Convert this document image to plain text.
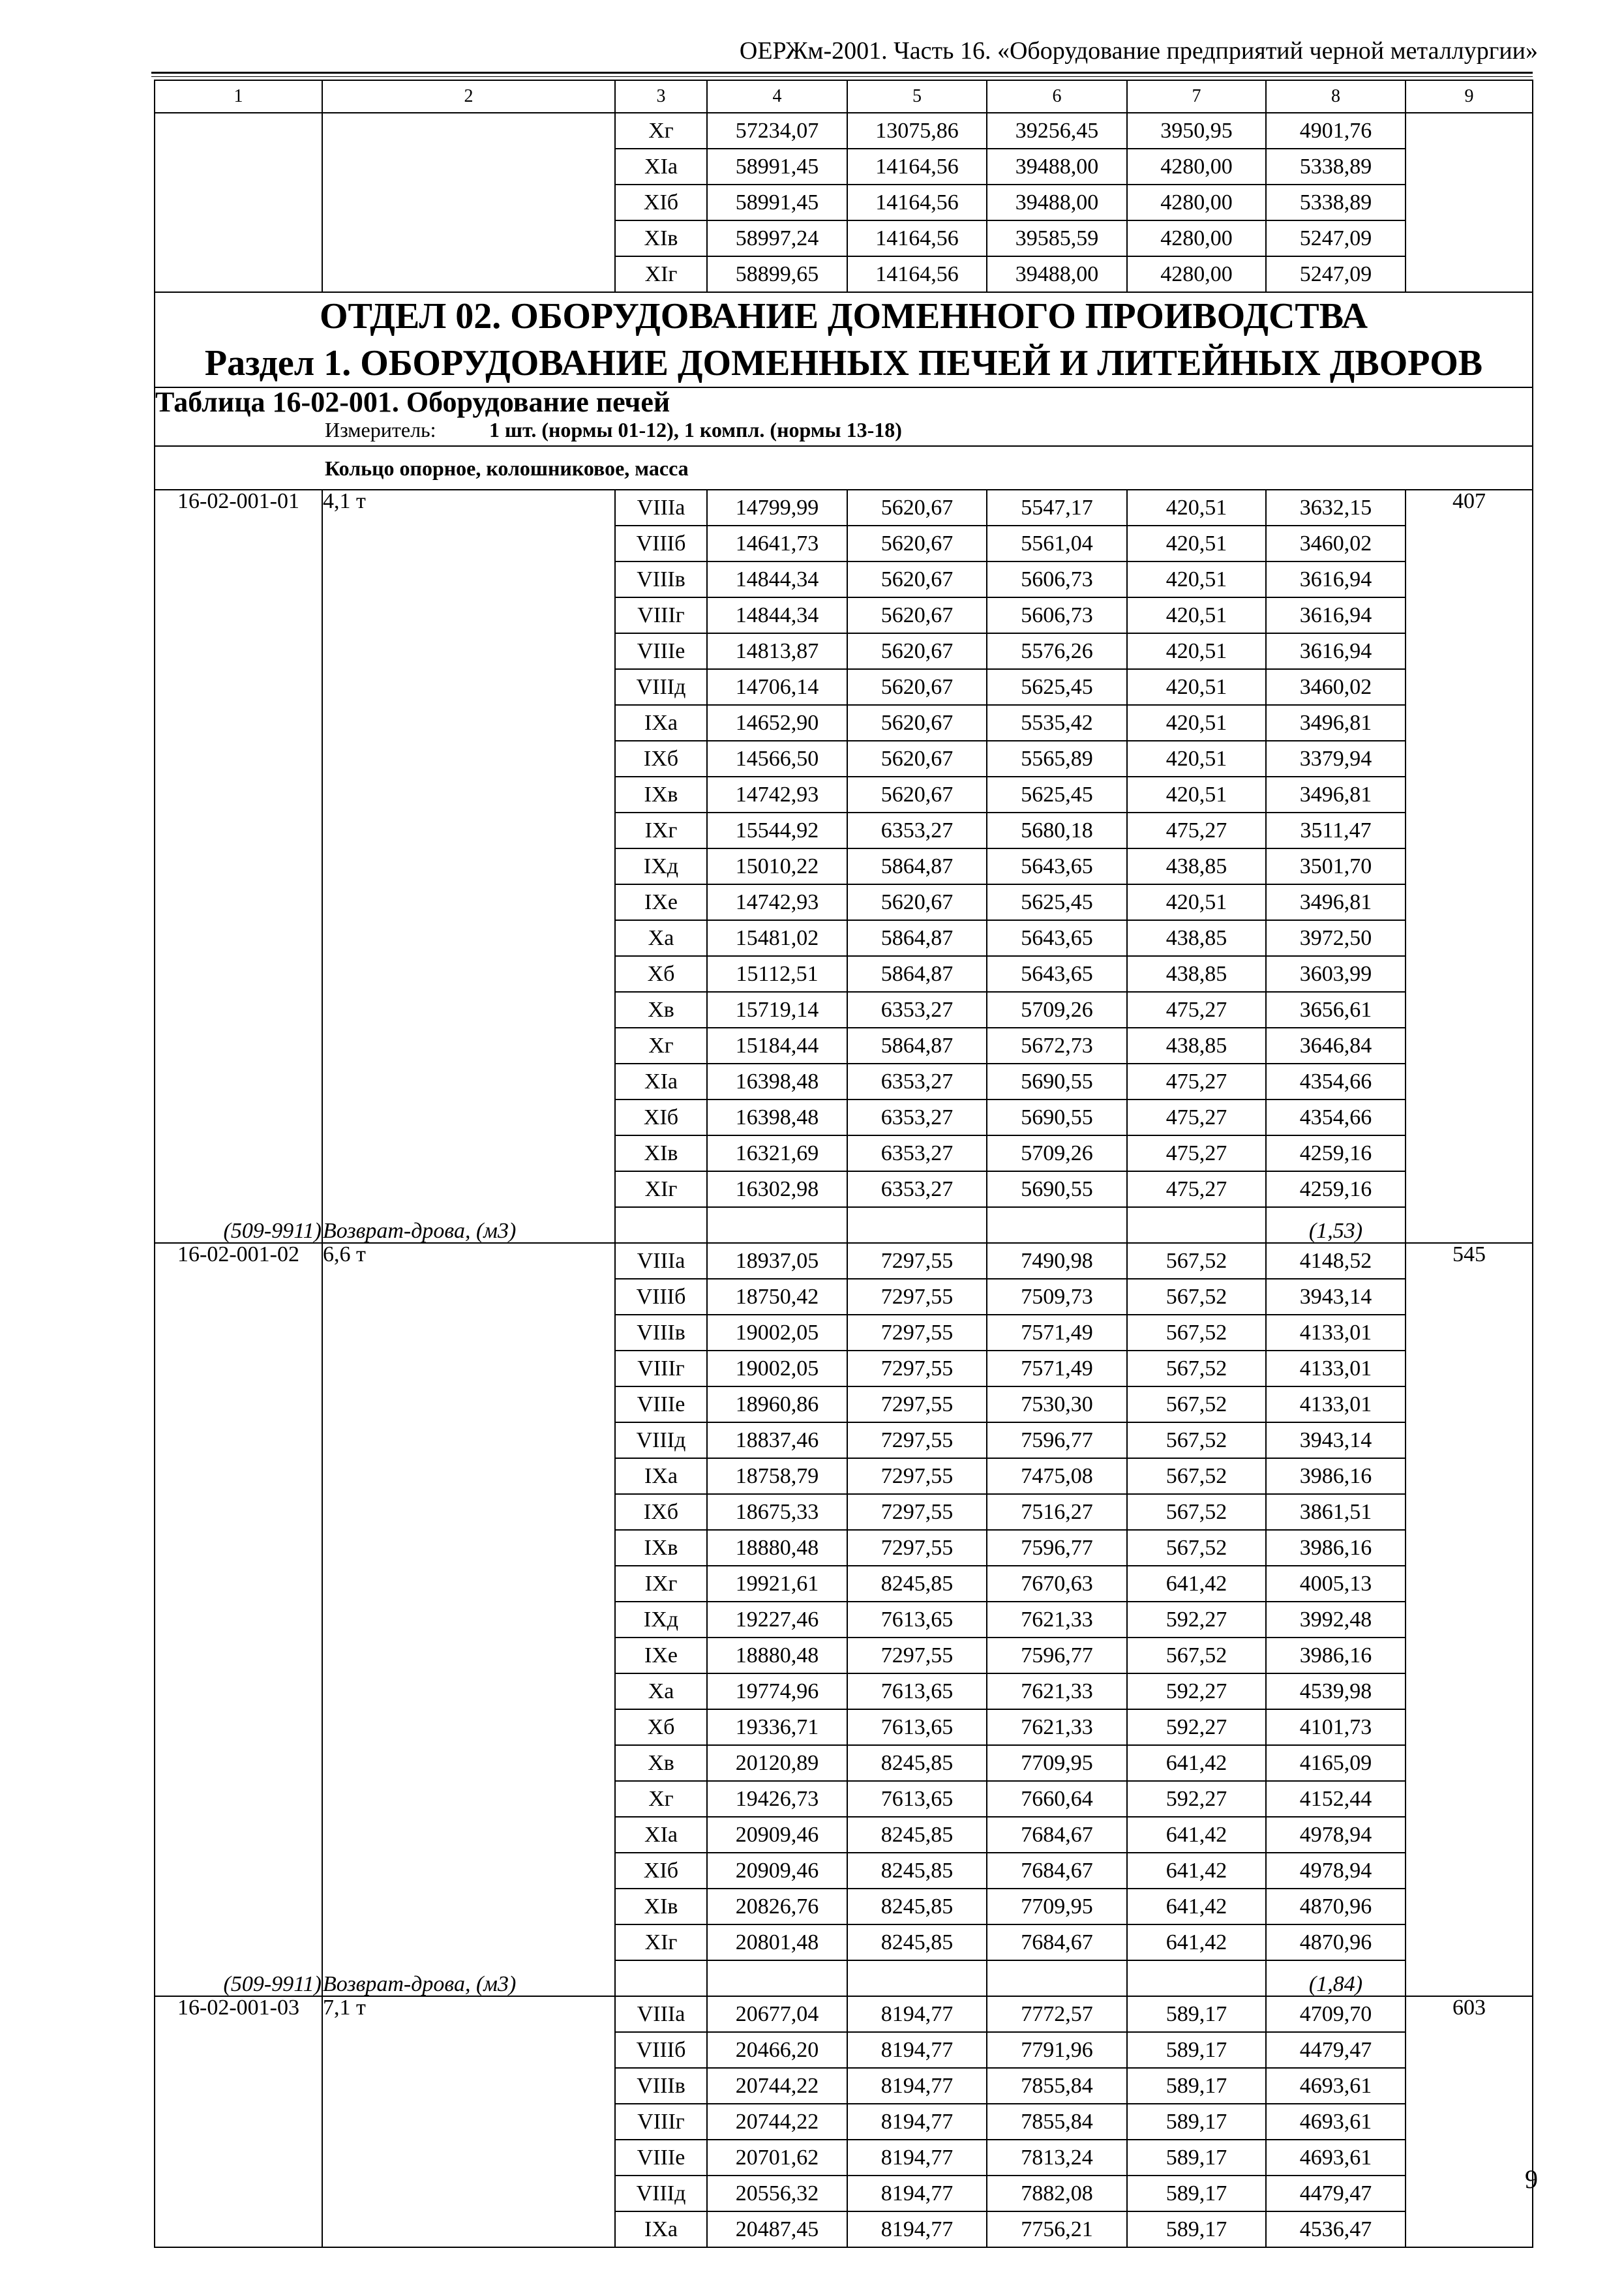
ОЕРЖм-2001. Часть 16. «Оборудование предприятий черной металлургии»
1	2	3	4	5	6	7	8	9
		Xг	57234,07	13075,86	39256,45	3950,95	4901,76	
		XIa	58991,45	14164,56	39488,00	4280,00	5338,89	
		XIб	58991,45	14164,56	39488,00	4280,00	5338,89	
		XIв	58997,24	14164,56	39585,59	4280,00	5247,09	
		XIг	58899,65	14164,56	39488,00	4280,00	5247,09	

ОТДЕЛ 02. ОБОРУДОВАНИЕ ДОМЕННОГО ПРОИВОДСТВА
Раздел 1. ОБОРУДОВАНИЕ ДОМЕННЫХ ПЕЧЕЙ И ЛИТЕЙНЫХ ДВОРОВ								

Таблица 16-02-001. Оборудование печей
Измеритель: 1 шт. (нормы 01-12), 1 компл. (нормы 13-18)								

Кольцо опорное, колошниковое, масса								
16-02-001-01	4,1 т	VIIIa	14799,99	5620,67	5547,17	420,51	3632,15	407
		VIIIб	14641,73	5620,67	5561,04	420,51	3460,02	
		VIIIв	14844,34	5620,67	5606,73	420,51	3616,94	
		VIIIг	14844,34	5620,67	5606,73	420,51	3616,94	
		VIIIe	14813,87	5620,67	5576,26	420,51	3616,94	
		VIIIд	14706,14	5620,67	5625,45	420,51	3460,02	
		IXa	14652,90	5620,67	5535,42	420,51	3496,81	
		IXб	14566,50	5620,67	5565,89	420,51	3379,94	
		IXв	14742,93	5620,67	5625,45	420,51	3496,81	
		IXг	15544,92	6353,27	5680,18	475,27	3511,47	
		IXд	15010,22	5864,87	5643,65	438,85	3501,70	
		IXe	14742,93	5620,67	5625,45	420,51	3496,81	
		Xa	15481,02	5864,87	5643,65	438,85	3972,50	
		Xб	15112,51	5864,87	5643,65	438,85	3603,99	
		Xв	15719,14	6353,27	5709,26	475,27	3656,61	
		Xг	15184,44	5864,87	5672,73	438,85	3646,84	
		XIa	16398,48	6353,27	5690,55	475,27	4354,66	
		XIб	16398,48	6353,27	5690,55	475,27	4354,66	
		XIв	16321,69	6353,27	5709,26	475,27	4259,16	
		XIг	16302,98	6353,27	5690,55	475,27	4259,16	
(509-9911)	Возврат-дрова, (м3)						(1,53)	
16-02-001-02	6,6 т	VIIIa	18937,05	7297,55	7490,98	567,52	4148,52	545
		VIIIб	18750,42	7297,55	7509,73	567,52	3943,14	
		VIIIв	19002,05	7297,55	7571,49	567,52	4133,01	
		VIIIг	19002,05	7297,55	7571,49	567,52	4133,01	
		VIIIe	18960,86	7297,55	7530,30	567,52	4133,01	
		VIIIд	18837,46	7297,55	7596,77	567,52	3943,14	
		IXa	18758,79	7297,55	7475,08	567,52	3986,16	
		IXб	18675,33	7297,55	7516,27	567,52	3861,51	
		IXв	18880,48	7297,55	7596,77	567,52	3986,16	
		IXг	19921,61	8245,85	7670,63	641,42	4005,13	
		IXд	19227,46	7613,65	7621,33	592,27	3992,48	
		IXe	18880,48	7297,55	7596,77	567,52	3986,16	
		Xa	19774,96	7613,65	7621,33	592,27	4539,98	
		Xб	19336,71	7613,65	7621,33	592,27	4101,73	
		Xв	20120,89	8245,85	7709,95	641,42	4165,09	
		Xг	19426,73	7613,65	7660,64	592,27	4152,44	
		XIa	20909,46	8245,85	7684,67	641,42	4978,94	
		XIб	20909,46	8245,85	7684,67	641,42	4978,94	
		XIв	20826,76	8245,85	7709,95	641,42	4870,96	
		XIг	20801,48	8245,85	7684,67	641,42	4870,96	
(509-9911)	Возврат-дрова, (м3)						(1,84)	
16-02-001-03	7,1 т	VIIIa	20677,04	8194,77	7772,57	589,17	4709,70	603
		VIIIб	20466,20	8194,77	7791,96	589,17	4479,47	
		VIIIв	20744,22	8194,77	7855,84	589,17	4693,61	
		VIIIг	20744,22	8194,77	7855,84	589,17	4693,61	
		VIIIe	20701,62	8194,77	7813,24	589,17	4693,61	
		VIIIд	20556,32	8194,77	7882,08	589,17	4479,47	
		IXa	20487,45	8194,77	7756,21	589,17	4536,47	
9
